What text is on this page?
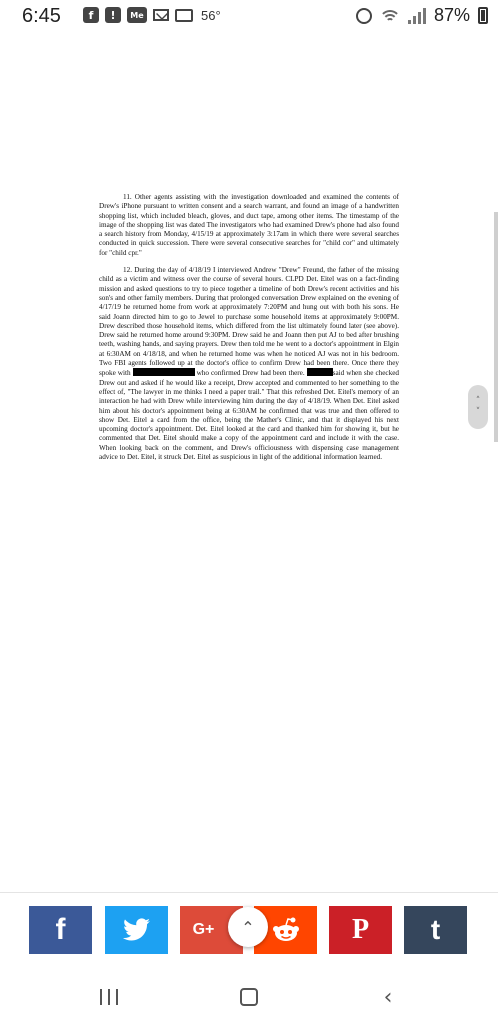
6:45	f	!	Me	56°	87%

11. Other agents assisting with the investigation downloaded and examined the contents of Drew's iPhone pursuant to written consent and a search warrant, and found an image of a handwritten shopping list, which included bleach, gloves, and duct tape, among other items. The timestamp of the image of the shopping list was dated The investigators who had examined Drew's phone had also found a search history from Monday, 4/15/19 at approximately 3:17am in which there were several searches conducted in quick succession. There were several consecutive searches for "child cor" and ultimately for "child cpr."

12. During the day of 4/18/19 I interviewed Andrew "Drew" Freund, the father of the missing child as a victim and witness over the course of several hours. CLPD Det. Eitel was on a fact-finding mission and asked questions to try to piece together a timeline of both Drew's recent activities and his son's and other family members. During that prolonged conversation Drew explained on the evening of 4/17/19 he returned home from work at approximately 7:20PM and hung out with both his sons. He said Joann directed him to go to Jewel to purchase some household items at approximately 9:00PM. Drew described those household items, which differed from the list ultimately found later (see above). Drew said he returned home around 9:30PM. Drew said he and Joann then put AJ to bed after brushing teeth, washing hands, and saying prayers. Drew then told me he went to a doctor's appointment in Elgin at 6:30AM on 4/18/18, and when he returned home was when he noticed AJ was not in his bedroom. Two FBI agents followed up at the doctor's office to confirm Drew had been there. Once there they spoke with	who confirmed Drew had been there.	said when she checked Drew out and asked if he would like a receipt, Drew accepted and commented to her something to the effect of, "The lawyer in me thinks I need a paper trail." That this refreshed Det. Eitel's memory of an interaction he had with Drew while interviewing him during the day of 4/18/19. When Det. Eitel asked him about his doctor's appointment being at 6:30AM he confirmed that was true and then offered to show Det. Eitel a card from the office, being the Mather's Clinic, and that it displayed his next upcoming doctor's appointment. Det. Eitel looked at the card and thanked him for showing it, but he commented that Det. Eitel should make a copy of the appointment card and include it with the case. When looking back on the comment, and Drew's officiousness with dispensing case management advice to Det. Eitel, it struck Det. Eitel as suspicious in light of the additional information learned.

˄
˅
f	G+	P t
⌃
‹
